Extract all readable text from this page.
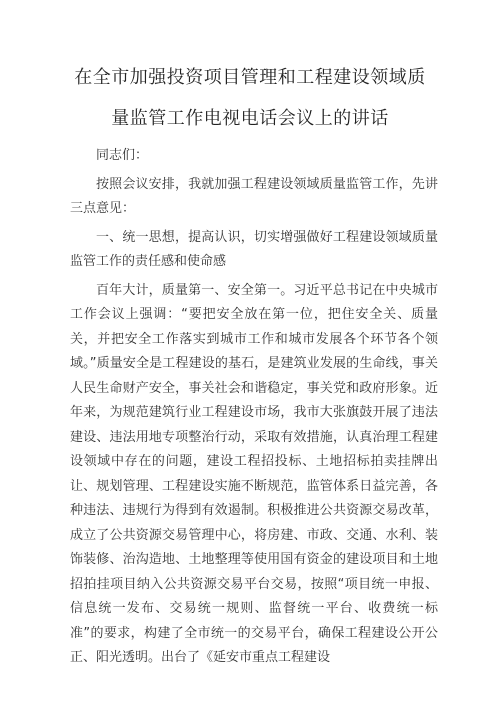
在全市加强投资项目管理和工程建设领域质
量监管工作电视电话会议上的讲话

同志们：

按照会议安排，我就加强工程建设领域质量监管工作，先讲三点意见：

一、统一思想，提高认识，切实增强做好工程建设领域质量监管工作的责任感和使命感

百年大计，质量第一、安全第一。习近平总书记在中央城市工作会议上强调：“要把安全放在第一位，把住安全关、质量关，并把安全工作落实到城市工作和城市发展各个环节各个领域。”质量安全是工程建设的基石，是建筑业发展的生命线，事关人民生命财产安全，事关社会和谐稳定，事关党和政府形象。近年来，为规范建筑行业工程建设市场，我市大张旗鼓开展了违法建设、违法用地专项整治行动，采取有效措施，认真治理工程建设领域中存在的问题，建设工程招投标、土地招标拍卖挂牌出让、规划管理、工程建设实施不断规范，监管体系日益完善，各种违法、违规行为得到有效遏制。积极推进公共资源交易改革，成立了公共资源交易管理中心，将房建、市政、交通、水利、装饰装修、治沟造地、土地整理等使用国有资金的建设项目和土地招拍挂项目纳入公共资源交易平台交易，按照“项目统一申报、信息统一发布、交易统一规则、监督统一平台、收费统一标准”的要求，构建了全市统一的交易平台，确保工程建设公开公正、阳光透明。出台了《延安市重点工程建设
